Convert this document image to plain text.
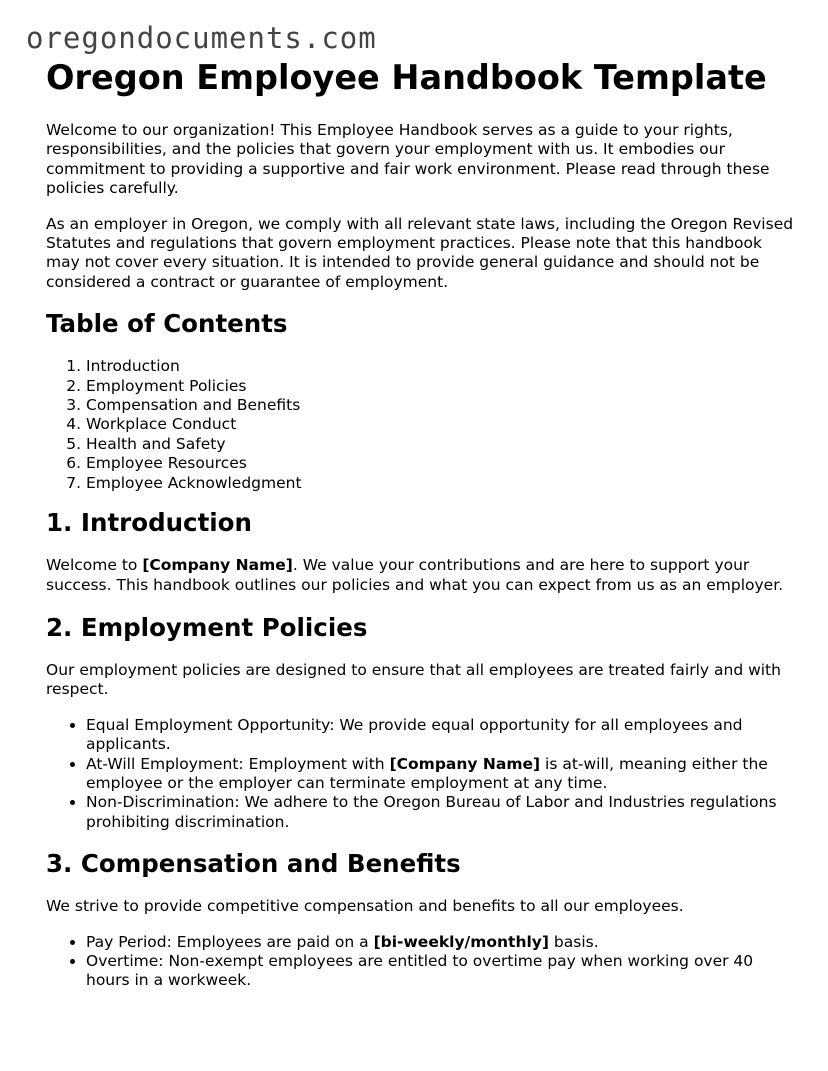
oregondocuments.com
Oregon Employee Handbook Template

Welcome to our organization! This Employee Handbook serves as a guide to your rights, responsibilities, and the policies that govern your employment with us. It embodies our commitment to providing a supportive and fair work environment. Please read through these policies carefully.

As an employer in Oregon, we comply with all relevant state laws, including the Oregon Revised Statutes and regulations that govern employment practices. Please note that this handbook may not cover every situation. It is intended to provide general guidance and should not be considered a contract or guarantee of employment.

Table of Contents
1. Introduction
2. Employment Policies
3. Compensation and Benefits
4. Workplace Conduct
5. Health and Safety
6. Employee Resources
7. Employee Acknowledgment
1. Introduction

Welcome to [Company Name]. We value your contributions and are here to support your success. This handbook outlines our policies and what you can expect from us as an employer.

2. Employment Policies

Our employment policies are designed to ensure that all employees are treated fairly and with respect.

• Equal Employment Opportunity: We provide equal opportunity for all employees and applicants.
• At-Will Employment: Employment with [Company Name] is at-will, meaning either the employee or the employer can terminate employment at any time.
• Non-Discrimination: We adhere to the Oregon Bureau of Labor and Industries regulations prohibiting discrimination.
3. Compensation and Benefits

We strive to provide competitive compensation and benefits to all our employees.

• Pay Period: Employees are paid on a [bi-weekly/monthly] basis.
• Overtime: Non-exempt employees are entitled to overtime pay when working over 40 hours in a workweek.
